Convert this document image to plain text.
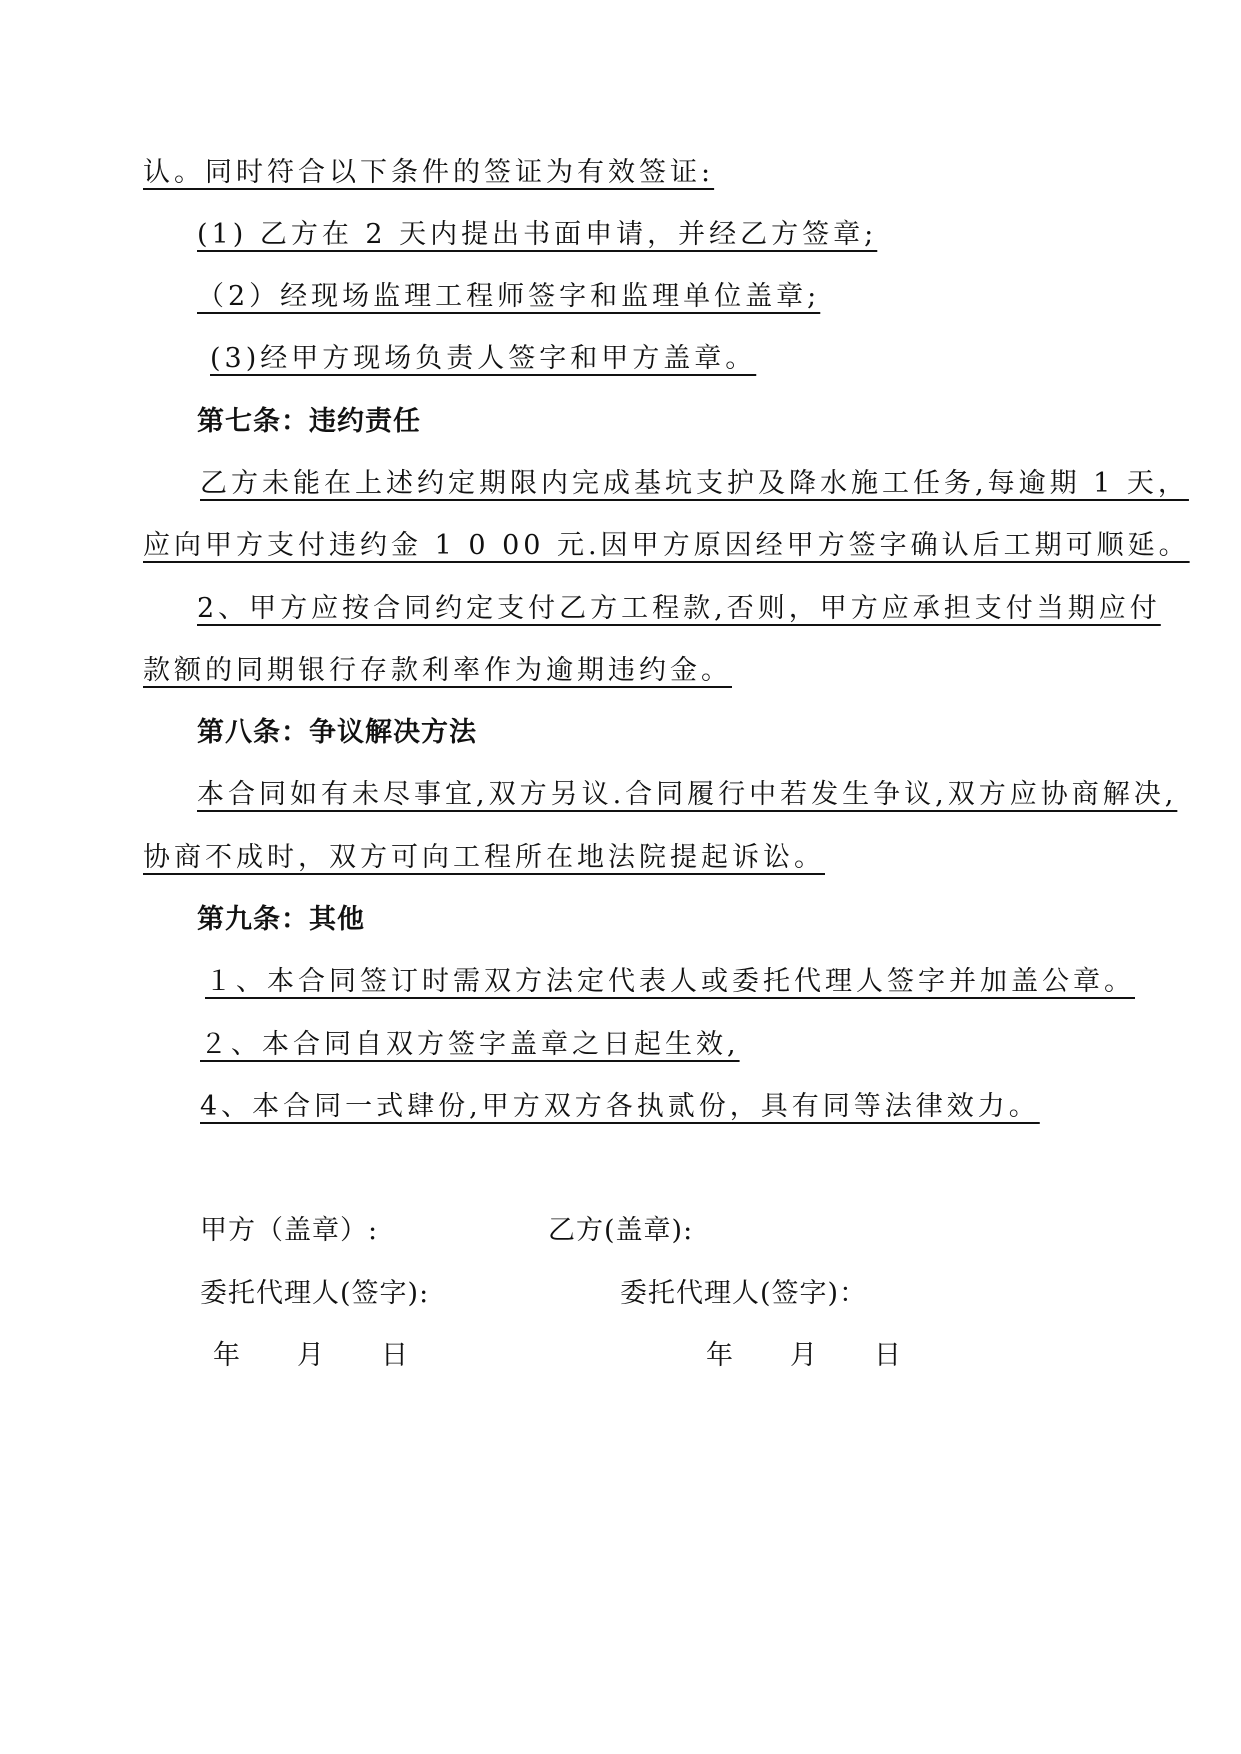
认。同时符合以下条件的签证为有效签证:
(1) 乙方在 2 天内提出书面申请，并经乙方签章;
（2）经现场监理工程师签字和监理单位盖章;
(3)经甲方现场负责人签字和甲方盖章。
第七条：违约责任
乙方未能在上述约定期限内完成基坑支护及降水施工任务,每逾期 1 天，
应向甲方支付违约金 1 0 00 元.因甲方原因经甲方签字确认后工期可顺延。
2、甲方应按合同约定支付乙方工程款,否则，甲方应承担支付当期应付
款额的同期银行存款利率作为逾期违约金。
第八条：争议解决方法
本合同如有未尽事宜,双方另议.合同履行中若发生争议,双方应协商解决,
协商不成时，双方可向工程所在地法院提起诉讼。
第九条：其他
１、本合同签订时需双方法定代表人或委托代理人签字并加盖公章。
２、本合同自双方签字盖章之日起生效,
4、本合同一式肆份,甲方双方各执贰份，具有同等法律效力。
甲方（盖章）:	乙方(盖章):
委托代理人(签字):	委托代理人(签字)：
年　　月　　日	年　　月　　日
